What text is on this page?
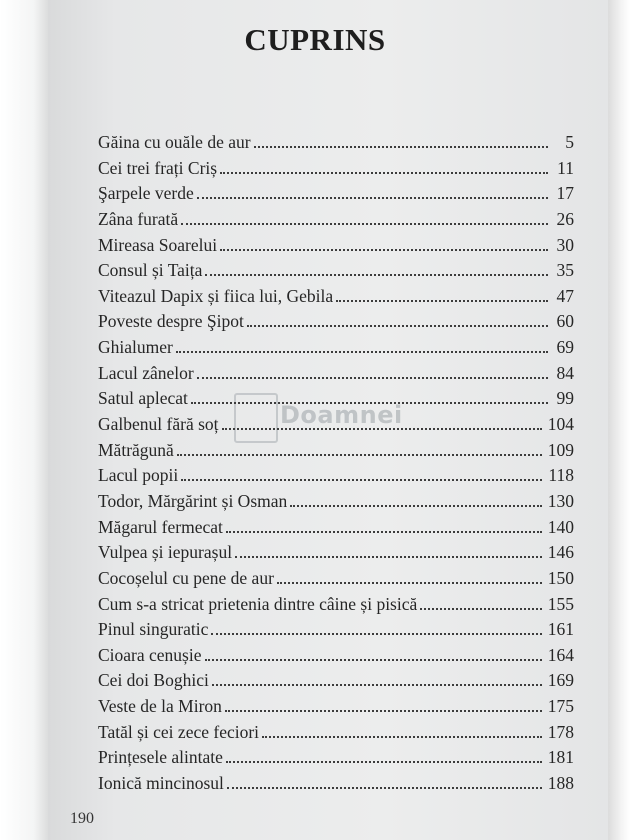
CUPRINS
Doamnei
Găina cu ouăle de aur	5
Cei trei frați Criș	11
Şarpele verde	17
Zâna furată	26
Mireasa Soarelui	30
Consul și Taița	35
Viteazul Dapix și fiica lui, Gebila	47
Poveste despre Şipot	60
Ghialumer	69
Lacul zânelor	84
Satul aplecat	99
Galbenul fără soț	104
Mătrăgună	109
Lacul popii	118
Todor, Mărgărint și Osman	130
Măgarul fermecat	140
Vulpea și iepurașul	146
Cocoșelul cu pene de aur	150
Cum s-a stricat prietenia dintre câine și pisică	155
Pinul singuratic	161
Cioara cenușie	164
Cei doi Boghici	169
Veste de la Miron	175
Tatăl și cei zece feciori	178
Prințesele alintate	181
Ionică mincinosul	188
190
